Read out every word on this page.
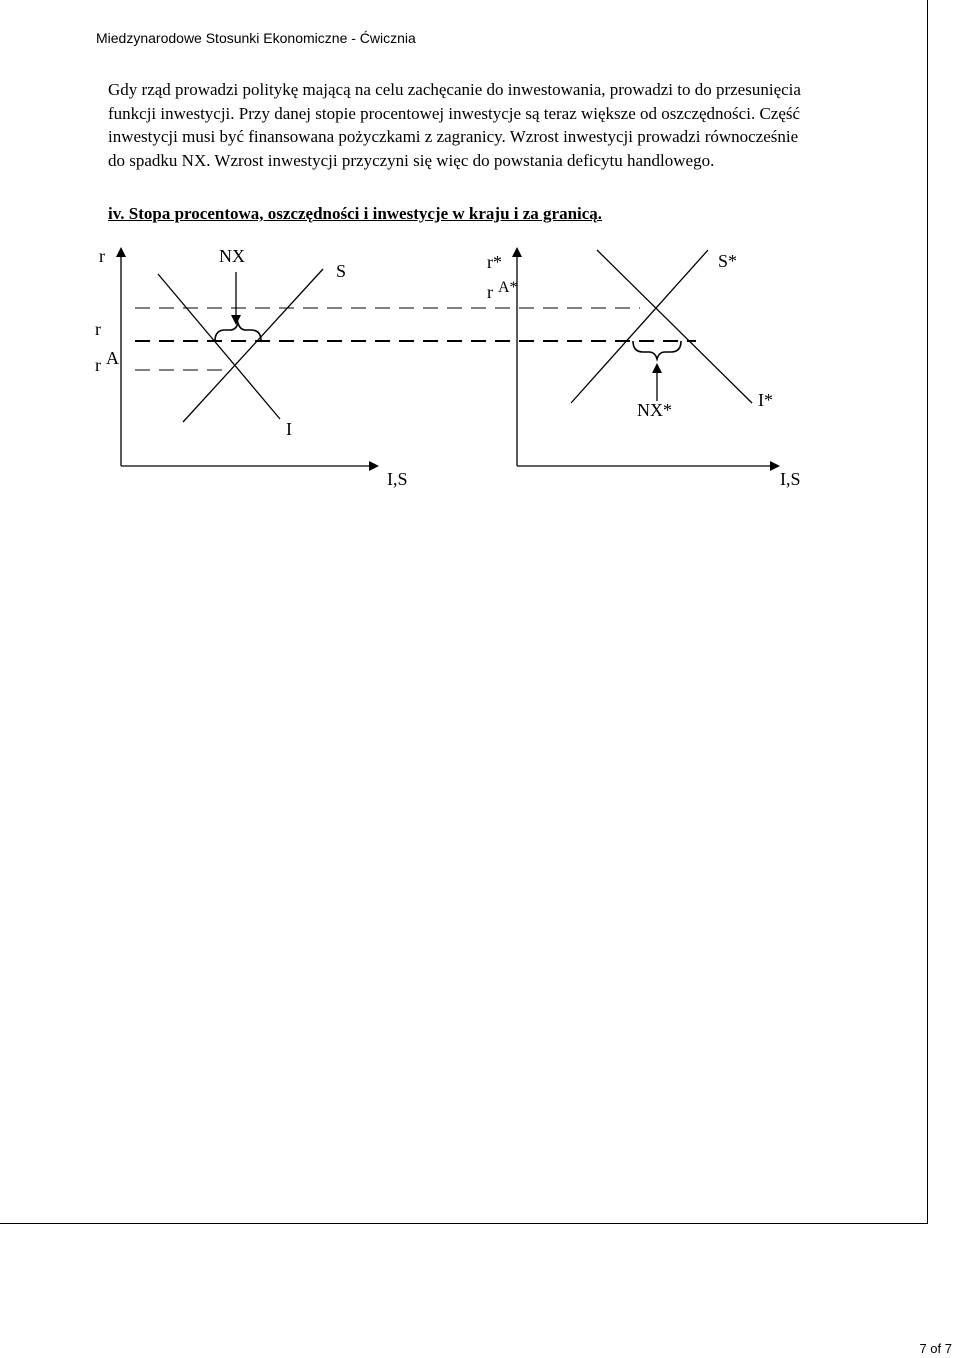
Miedzynarodowe Stosunki Ekonomiczne - Ćwicznia

Gdy rząd prowadzi politykę mającą na celu zachęcanie do inwestowania, prowadzi to do przesunięcia funkcji inwestycji. Przy danej stopie procentowej inwestycje są teraz większe od oszczędności. Część inwestycji musi być finansowana pożyczkami z zagranicy. Wzrost inwestycji prowadzi równocześnie do spadku NX. Wzrost inwestycji przyczyni się więc do powstania deficytu handlowego.

iv. Stopa procentowa, oszczędności i inwestycje w kraju i za granicą.
r	NX
S
r
r A
I
I,S
r*
r A*
S*
NX*	I*
I,S
7 of 7
